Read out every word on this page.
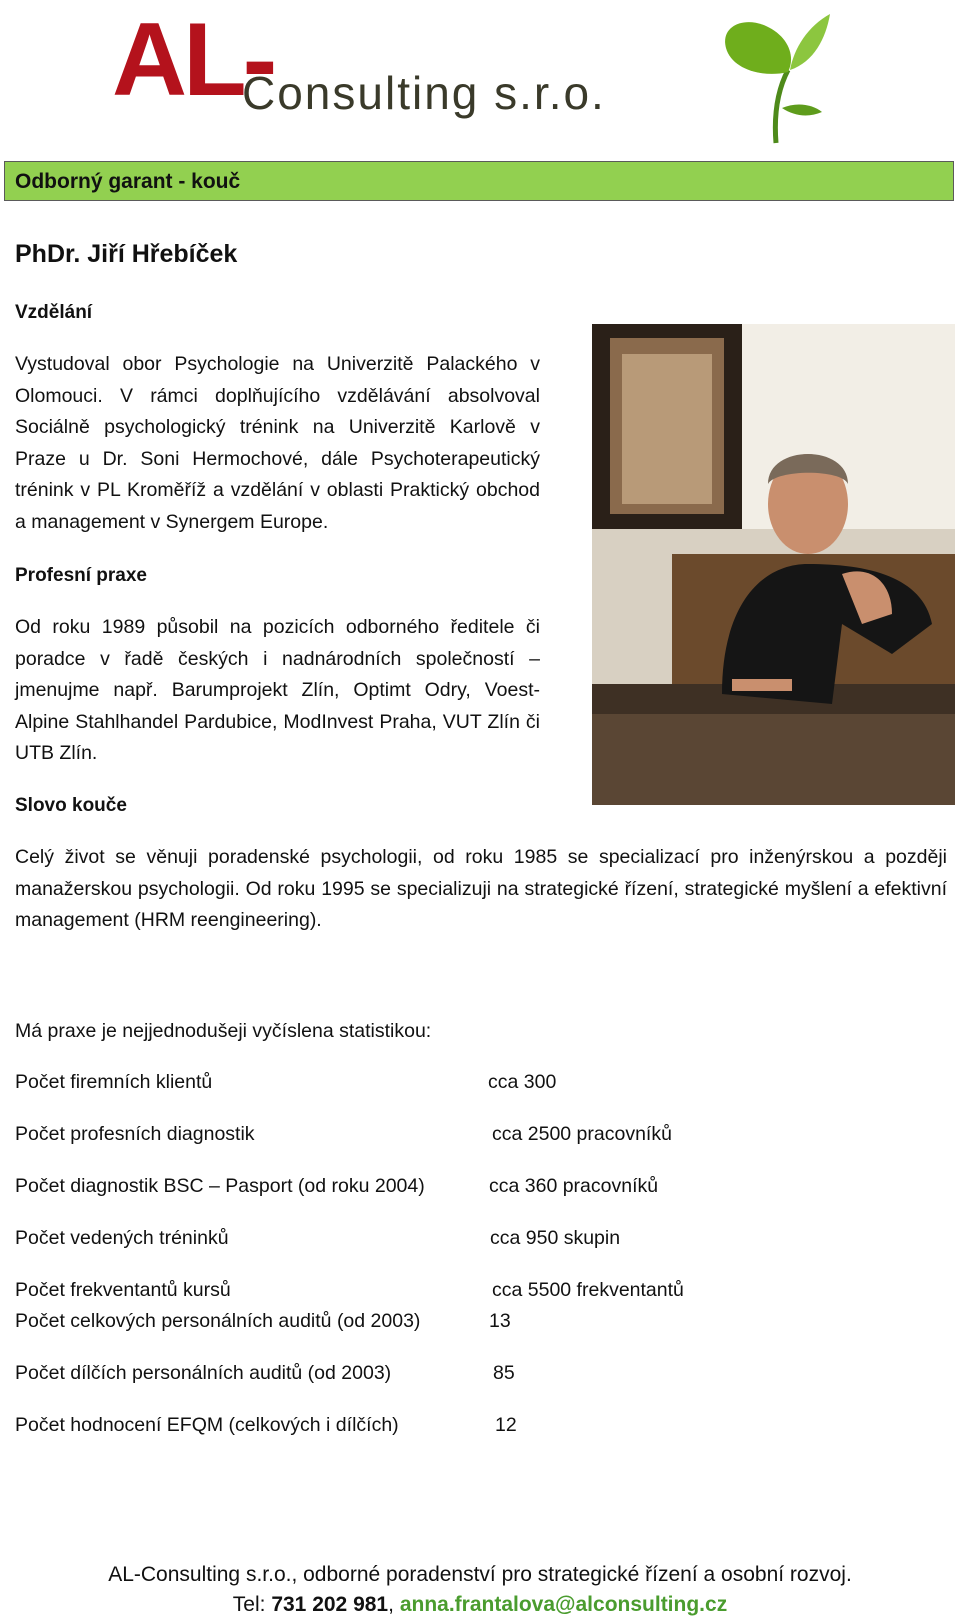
AL-
Consulting s.r.o.
Odborný garant - kouč
PhDr. Jiří Hřebíček
Vzdělání
Vystudoval obor Psychologie na Univerzitě Palackého v Olomouci. V rámci doplňujícího vzdělávání absolvoval Sociálně psychologický trénink na Univerzitě Karlově v Praze u Dr. Soni Hermochové, dále Psychoterapeutický trénink v PL Kroměříž a vzdělání v oblasti Praktický obchod a management v Synergem Europe.
Profesní praxe
Od roku 1989 působil na pozicích odborného ředitele či poradce v řadě českých i nadnárodních společností – jmenujme např. Barumprojekt Zlín, Optimt Odry, Voest-Alpine Stahlhandel Pardubice, ModInvest Praha, VUT Zlín či UTB Zlín.
Slovo kouče
Celý život se věnuji poradenské psychologii, od roku 1985 se specializací pro inženýrskou a později manažerskou psychologii. Od roku 1995 se specializuji na strategické řízení, strategické myšlení a efektivní management (HRM reengineering).
Má praxe je nejjednodušeji vyčíslena statistikou:
Počet firemních klientů	cca 300
Počet profesních diagnostik	cca 2500 pracovníků
Počet diagnostik BSC – Pasport (od roku 2004)	cca 360 pracovníků
Počet vedených tréninků	cca 950 skupin
Počet frekventantů kursů	cca 5500 frekventantů
Počet celkových personálních auditů (od 2003)	13
Počet dílčích personálních auditů (od 2003)	85
Počet hodnocení EFQM (celkových i dílčích)	12
AL-Consulting s.r.o., odborné poradenství pro strategické řízení a osobní rozvoj.
Tel: 731 202 981, anna.frantalova@alconsulting.cz
